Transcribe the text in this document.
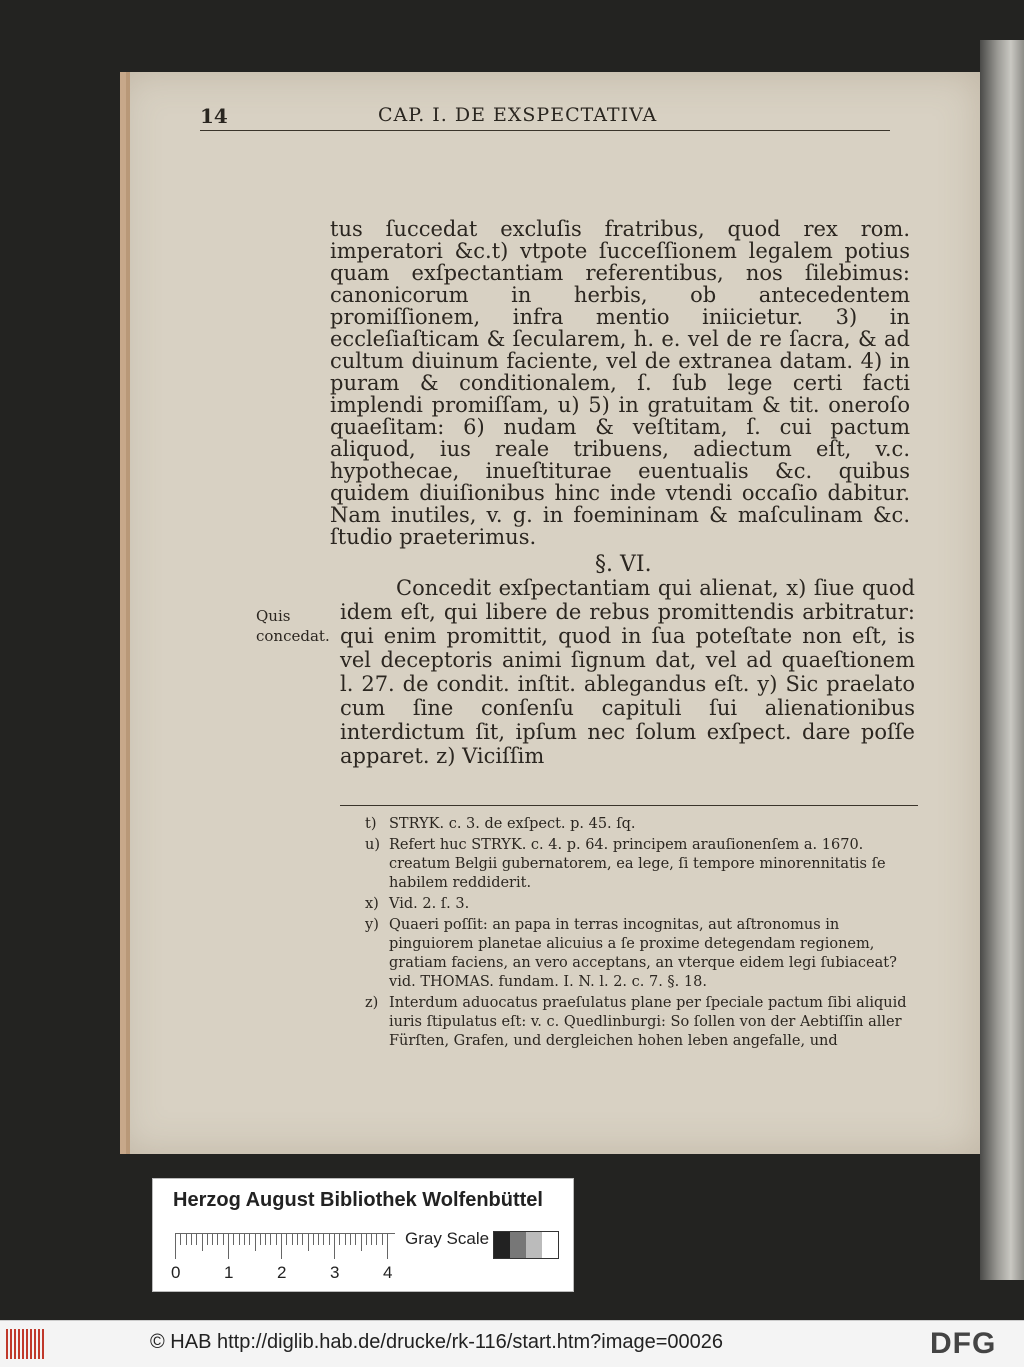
14	CAP. I. DE EXSPECTATIVA

tus ſuccedat excluſis fratribus, quod rex rom. imperatori &c.t) vtpote ſucceſſionem legalem potius quam exſpectantiam referentibus, nos ſilebimus: canonicorum in herbis, ob antecedentem promiſſionem, infra mentio iniicietur. 3) in eccleſiaſticam & ſecularem, h. e. vel de re ſacra, & ad cultum diuinum faciente, vel de extranea datam. 4) in puram & conditionalem, ſ. ſub lege certi facti implendi promiſſam, u) 5) in gratuitam & tit. oneroſo quaeſitam: 6) nudam & veſtitam, ſ. cui pactum aliquod, ius reale tribuens, adiectum eſt, v.c. hypothecae, inueſtiturae euentualis &c. quibus quidem diuiſionibus hinc inde vtendi occaſio dabitur. Nam inutiles, v. g. in foemininam & maſculinam &c. ſtudio praeterimus.

§. VI.
Quis concedat.
Concedit exſpectantiam qui alienat, x) ſiue quod idem eſt, qui libere de rebus promittendis arbitratur: qui enim promittit, quod in ſua poteſtate non eſt, is vel deceptoris animi ſignum dat, vel ad quaeſtionem l. 27. de condit. inſtit. ablegandus eſt. y) Sic praelato cum ſine conſenſu capituli ſui alienationibus interdictum ſit, ipſum nec ſolum exſpect. dare poſſe apparet. z) Viciſſim

t) STRYK. c. 3. de exſpect. p. 45. ſq.

u) Refert huc STRYK. c. 4. p. 64. principem arauſionenſem a. 1670. creatum Belgii gubernatorem, ea lege, ſi tempore minorennitatis ſe habilem reddiderit.

x) Vid. 2. ſ. 3.

y) Quaeri poſſit: an papa in terras incognitas, aut aſtronomus in pinguiorem planetae alicuius a ſe proxime detegendam regionem, gratiam faciens, an vero acceptans, an vterque eidem legi ſubiaceat? vid. THOMAS. fundam. I. N. l. 2. c. 7. §. 18.

z) Interdum aduocatus praeſulatus plane per ſpeciale pactum ſibi aliquid iuris ſtipulatus eſt: v. c. Quedlinburgi: So ſollen von der Aebtiſſin aller Fürſten, Grafen, und dergleichen hohen leben angefalle, und

Herzog August Bibliothek Wolfenbüttel
0	1	2	3	4
Gray Scale
© HAB http://diglib.hab.de/drucke/rk-116/start.htm?image=00026	DFG
